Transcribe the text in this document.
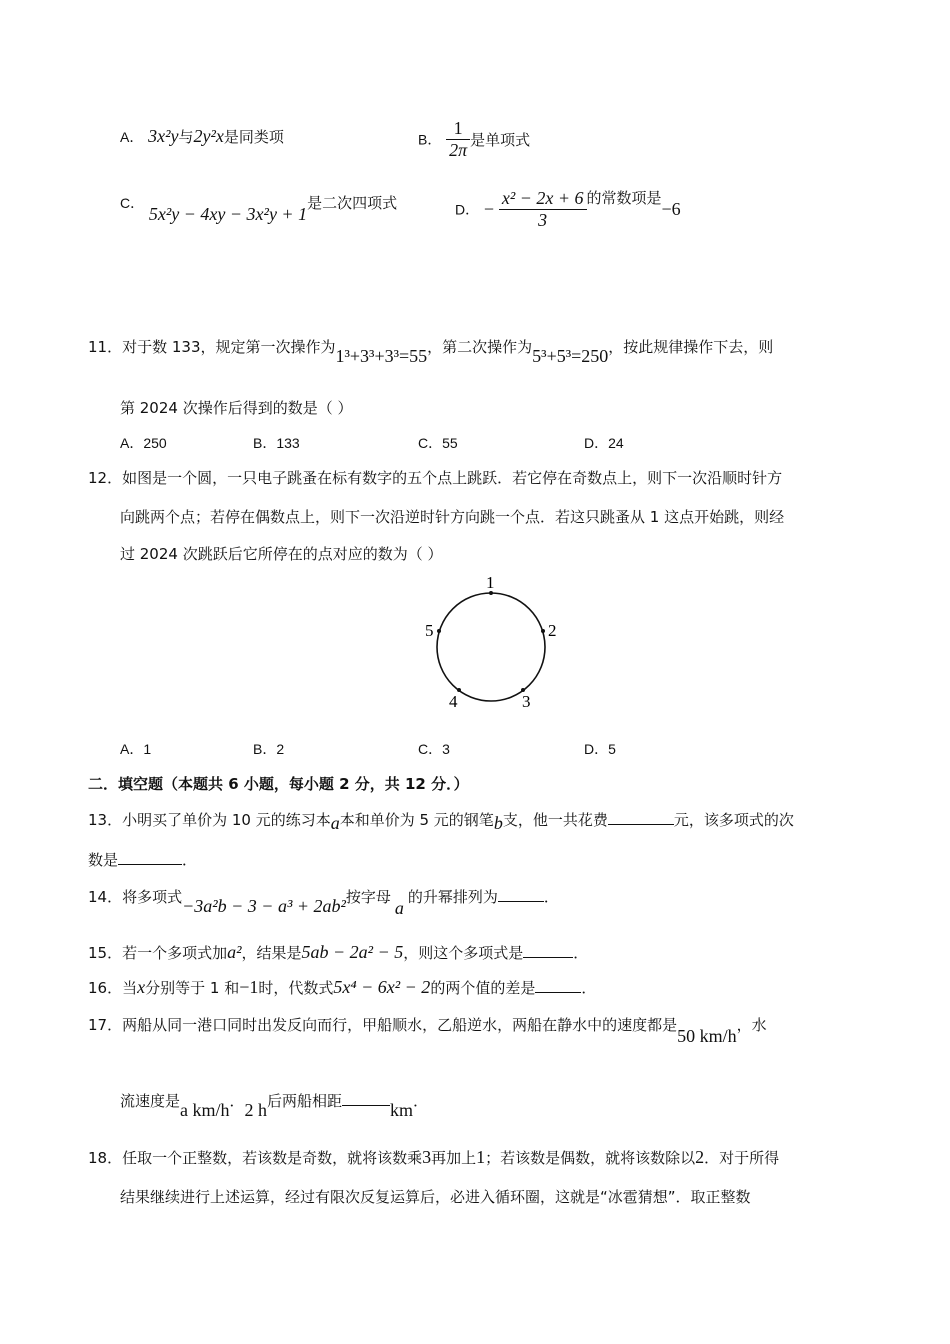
A． 3x²y与2y²x是同类项	B． $\frac{1}{2\pi}$ 是单项式
C． 5x²y − 4xy − 3x²y + 1是二次四项式	D． − $\frac{\text{x² − 2x + 6}}{3}$ 的常数项是−6
11．对于数 133，规定第一次操作为1³+3³+3³=55，第二次操作为5³+5³=250，按此规律操作下去，则
第 2024 次操作后得到的数是（ ）
A．250	B．133	C．55	D．24
12．如图是一个圆，一只电子跳蚤在标有数字的五个点上跳跃．若它停在奇数点上，则下一次沿顺时针方
向跳两个点；若停在偶数点上，则下一次沿逆时针方向跳一个点．若这只跳蚤从 1 这点开始跳，则经
过 2024 次跳跃后它所停在的点对应的数为（ ）
1
2
3
4
5
A．1	B．2	C．3	D．5
二．填空题（本题共 6 小题，每小题 2 分，共 12 分．）
13．小明买了单价为 10 元的练习本a本和单价为 5 元的钢笔b支，他一共花费	元，该多项式的次
数是	．
14．将多项式−3a²b − 3 − a³ + 2ab²按字母a的升幂排列为	．
15．若一个多项式加a²，结果是5ab − 2a² − 5，则这个多项式是	．
16．当x分别等于 1 和−1时，代数式5x⁴ − 6x² − 2的两个值的差是	．
17．两船从同一港口同时出发反向而行，甲船顺水，乙船逆水，两船在静水中的速度都是50 km/h，水
流速度是a km/h．2 h后两船相距	km．
18．任取一个正整数，若该数是奇数，就将该数乘3再加上1；若该数是偶数，就将该数除以2．对于所得
结果继续进行上述运算，经过有限次反复运算后，必进入循环圈，这就是“冰雹猜想”．取正整数
